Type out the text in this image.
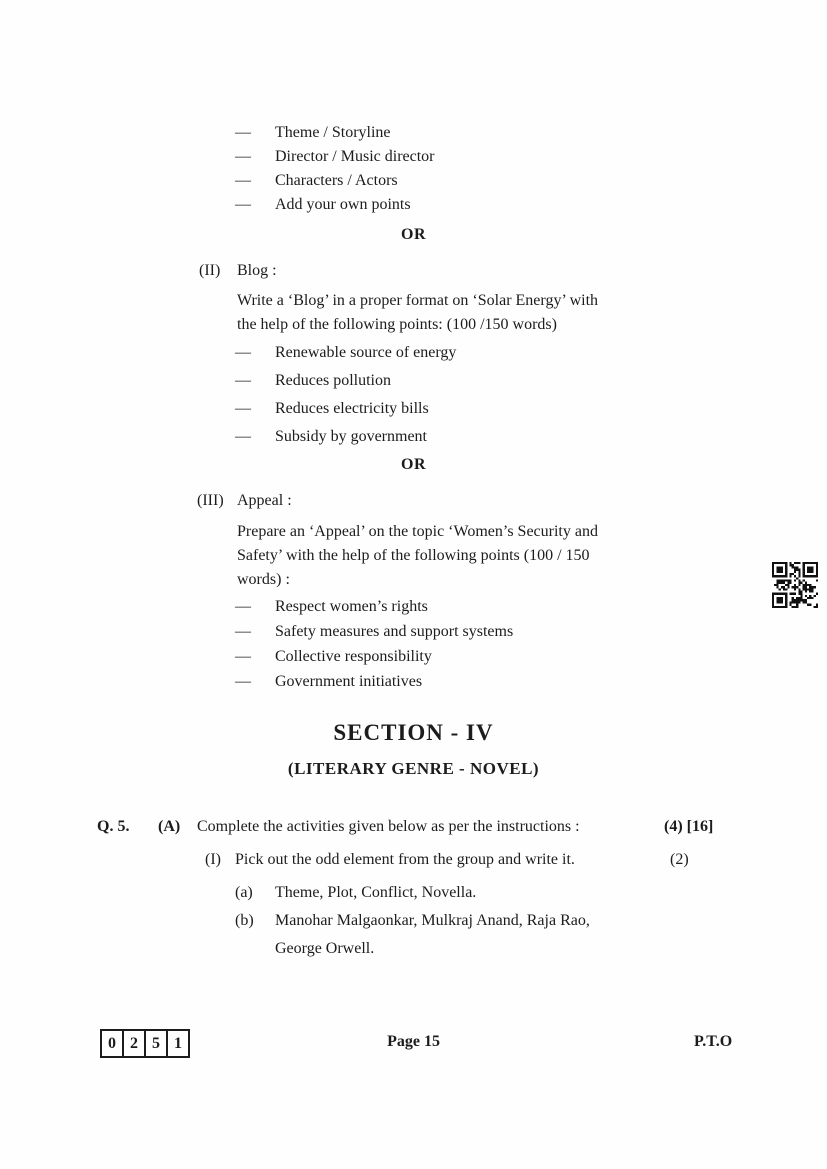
—	Theme / Storyline
—	Director / Music director
—	Characters / Actors
—	Add your own points
OR
(II)	Blog :
Write a ‘Blog’ in a proper format on ‘Solar Energy’ with
the help of the following points: (100 /150 words)
—	Renewable source of energy
—	Reduces pollution
—	Reduces electricity bills
—	Subsidy by government
OR
(III) Appeal :
Prepare an ‘Appeal’ on the topic ‘Women’s Security and
Safety’ with the help of the following points (100 / 150
words) :
—	Respect women’s rights
—	Safety measures and support systems
—	Collective responsibility
—	Government initiatives
SECTION - IV
(LITERARY GENRE - NOVEL)
Q. 5. (A) Complete the activities given below as per the instructions :	(4) [16]
(I) Pick out the odd element from the group and write it.	(2)
(a) Theme, Plot, Conflict, Novella.
(b) Manohar Malgaonkar, Mulkraj Anand, Raja Rao,
George Orwell.
0 2 5 1	Page 15	P.T.O
